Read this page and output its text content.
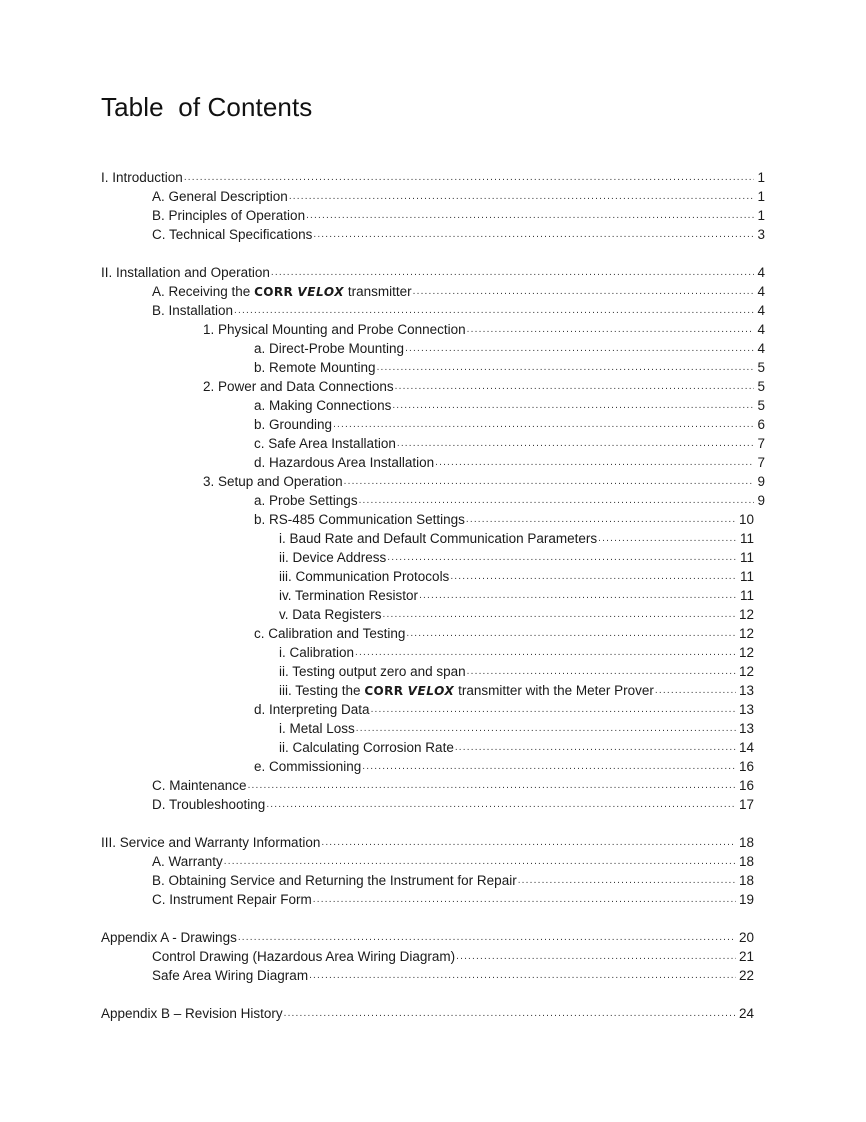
Table  of Contents
I. Introduction .....	1
A. General Description .....	1
B. Principles of Operation .....	1
C. Technical Specifications .....	3
II. Installation and Operation .....	4
A. Receiving the CORR VELOX transmitter .....	4
B. Installation .....	4
1. Physical Mounting and Probe Connection .....	4
a. Direct-Probe Mounting .....	4
b. Remote Mounting .....	5
2. Power and Data Connections .....	5
a. Making Connections .....	5
b. Grounding .....	6
c. Safe Area Installation .....	7
d. Hazardous Area Installation .....	7
3. Setup and Operation .....	9
a. Probe Settings .....	9
b. RS-485 Communication Settings .....	10
i. Baud Rate and Default Communication Parameters .....	11
ii. Device Address .....	11
iii. Communication Protocols .....	11
iv. Termination Resistor .....	11
v. Data Registers .....	12
c. Calibration and Testing .....	12
i. Calibration .....	12
ii. Testing output zero and span .....	12
iii. Testing the CORR VELOX transmitter with the Meter Prover .....	13
d. Interpreting Data .....	13
i. Metal Loss .....	13
ii. Calculating Corrosion Rate .....	14
e. Commissioning .....	16
C. Maintenance .....	16
D. Troubleshooting .....	17
III. Service and Warranty Information .....	18
A. Warranty .....	18
B. Obtaining Service and Returning the Instrument for Repair .....	18
C. Instrument Repair Form .....	19
Appendix A - Drawings .....	20
Control Drawing (Hazardous Area Wiring Diagram) .....	21
Safe Area Wiring Diagram .....	22
Appendix B – Revision History .....	24
